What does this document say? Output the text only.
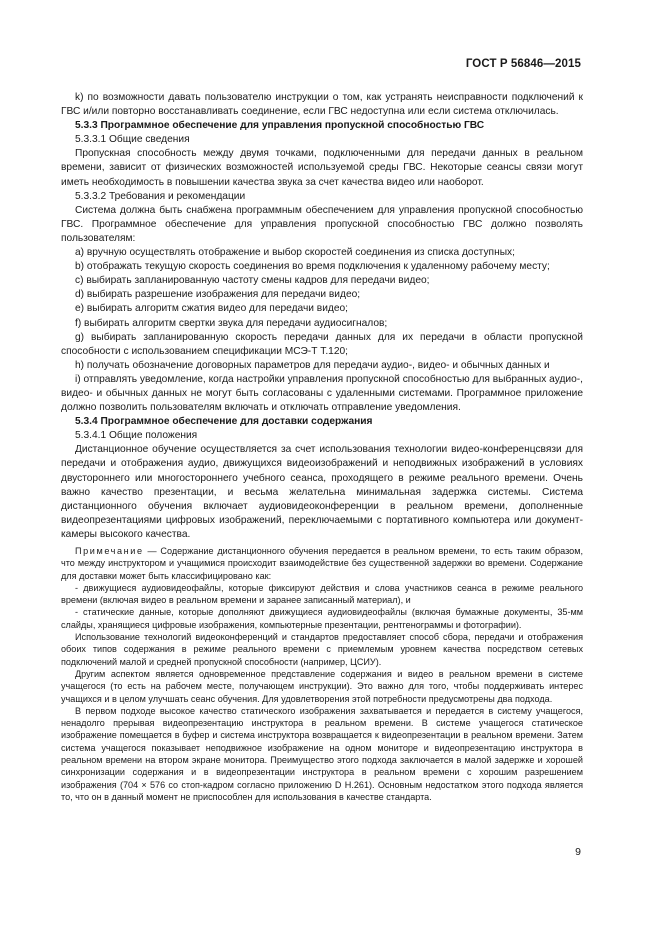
ГОСТ Р 56846—2015

k) по возможности давать пользователю инструкции о том, как устранять неисправности подключений к ГВС и/или повторно восстанавливать соединение, если ГВС недоступна или если система отключилась.

5.3.3 Программное обеспечение для управления пропускной способностью ГВС

5.3.3.1 Общие сведения

Пропускная способность между двумя точками, подключенными для передачи данных в реальном времени, зависит от физических возможностей используемой среды ГВС. Некоторые сеансы связи могут иметь необходимость в повышении качества звука за счет качества видео или наоборот.

5.3.3.2 Требования и рекомендации

Система должна быть снабжена программным обеспечением для управления пропускной способностью ГВС. Программное обеспечение для управления пропускной способностью ГВС должно позволять пользователям:

а) вручную осуществлять отображение и выбор скоростей соединения из списка доступных;

b) отображать текущую скорость соединения во время подключения к удаленному рабочему месту;

с) выбирать запланированную частоту смены кадров для передачи видео;

d) выбирать разрешение изображения для передачи видео;

е) выбирать алгоритм сжатия видео для передачи видео;

f) выбирать алгоритм свертки звука для передачи аудиосигналов;

g) выбирать запланированную скорость передачи данных для их передачи в области пропускной способности с использованием спецификации МСЭ-Т Т.120;

h) получать обозначение договорных параметров для передачи аудио-, видео- и обычных данных и

i) отправлять уведомление, когда настройки управления пропускной способностью для выбранных аудио-, видео- и обычных данных не могут быть согласованы с удаленными системами. Программное приложение должно позволить пользователям включать и отключать отправление уведомления.

5.3.4 Программное обеспечение для доставки содержания

5.3.4.1 Общие положения

Дистанционное обучение осуществляется за счет использования технологии видео-конференцсвязи для передачи и отображения аудио, движущихся видеоизображений и неподвижных изображений в условиях двустороннего или многостороннего учебного сеанса, проходящего в режиме реального времени. Очень важно качество презентации, и весьма желательна минимальная задержка системы. Система дистанционного обучения включает аудиовидеоконференции в реальном времени, дополненные видеопрезентациями цифровых изображений, переключаемыми с портативного компьютера или документ-камеры высокого качества.

Примечание — Содержание дистанционного обучения передается в реальном времени, то есть таким образом, что между инструктором и учащимися происходит взаимодействие без существенной задержки во времени. Содержание для доставки может быть классифицировано как:

- движущиеся аудиовидеофайлы, которые фиксируют действия и слова участников сеанса в режиме реального времени (включая видео в реальном времени и заранее записанный материал), и

- статические данные, которые дополняют движущиеся аудиовидеофайлы (включая бумажные документы, 35-мм слайды, хранящиеся цифровые изображения, компьютерные презентации, рентгенограммы и фотографии).

Использование технологий видеоконференций и стандартов предоставляет способ сбора, передачи и отображения обоих типов содержания в режиме реального времени с приемлемым уровнем качества посредством сетевых подключений малой и средней пропускной способности (например, ЦСИУ).

Другим аспектом является одновременное представление содержания и видео в реальном времени в системе учащегося (то есть на рабочем месте, получающем инструкции). Это важно для того, чтобы поддерживать интерес учащихся и в целом улучшать сеанс обучения. Для удовлетворения этой потребности предусмотрены два подхода.

В первом подходе высокое качество статического изображения захватывается и передается в систему учащегося, ненадолго прерывая видеопрезентацию инструктора в реальном времени. В системе учащегося статическое изображение помещается в буфер и система инструктора возвращается к видеопрезентации в реальном времени. Затем система учащегося показывает неподвижное изображение на одном мониторе и видеопрезентацию инструктора в реальном времени на втором экране монитора. Преимущество этого подхода заключается в малой задержке и хорошей синхронизации содержания и в видеопрезентации инструктора в реальном времени с хорошим разрешением изображения (704 × 576 со стоп-кадром согласно приложению D Н.261). Основным недостатком этого подхода является то, что он в данный момент не приспособлен для использования в качестве стандарта.

9
